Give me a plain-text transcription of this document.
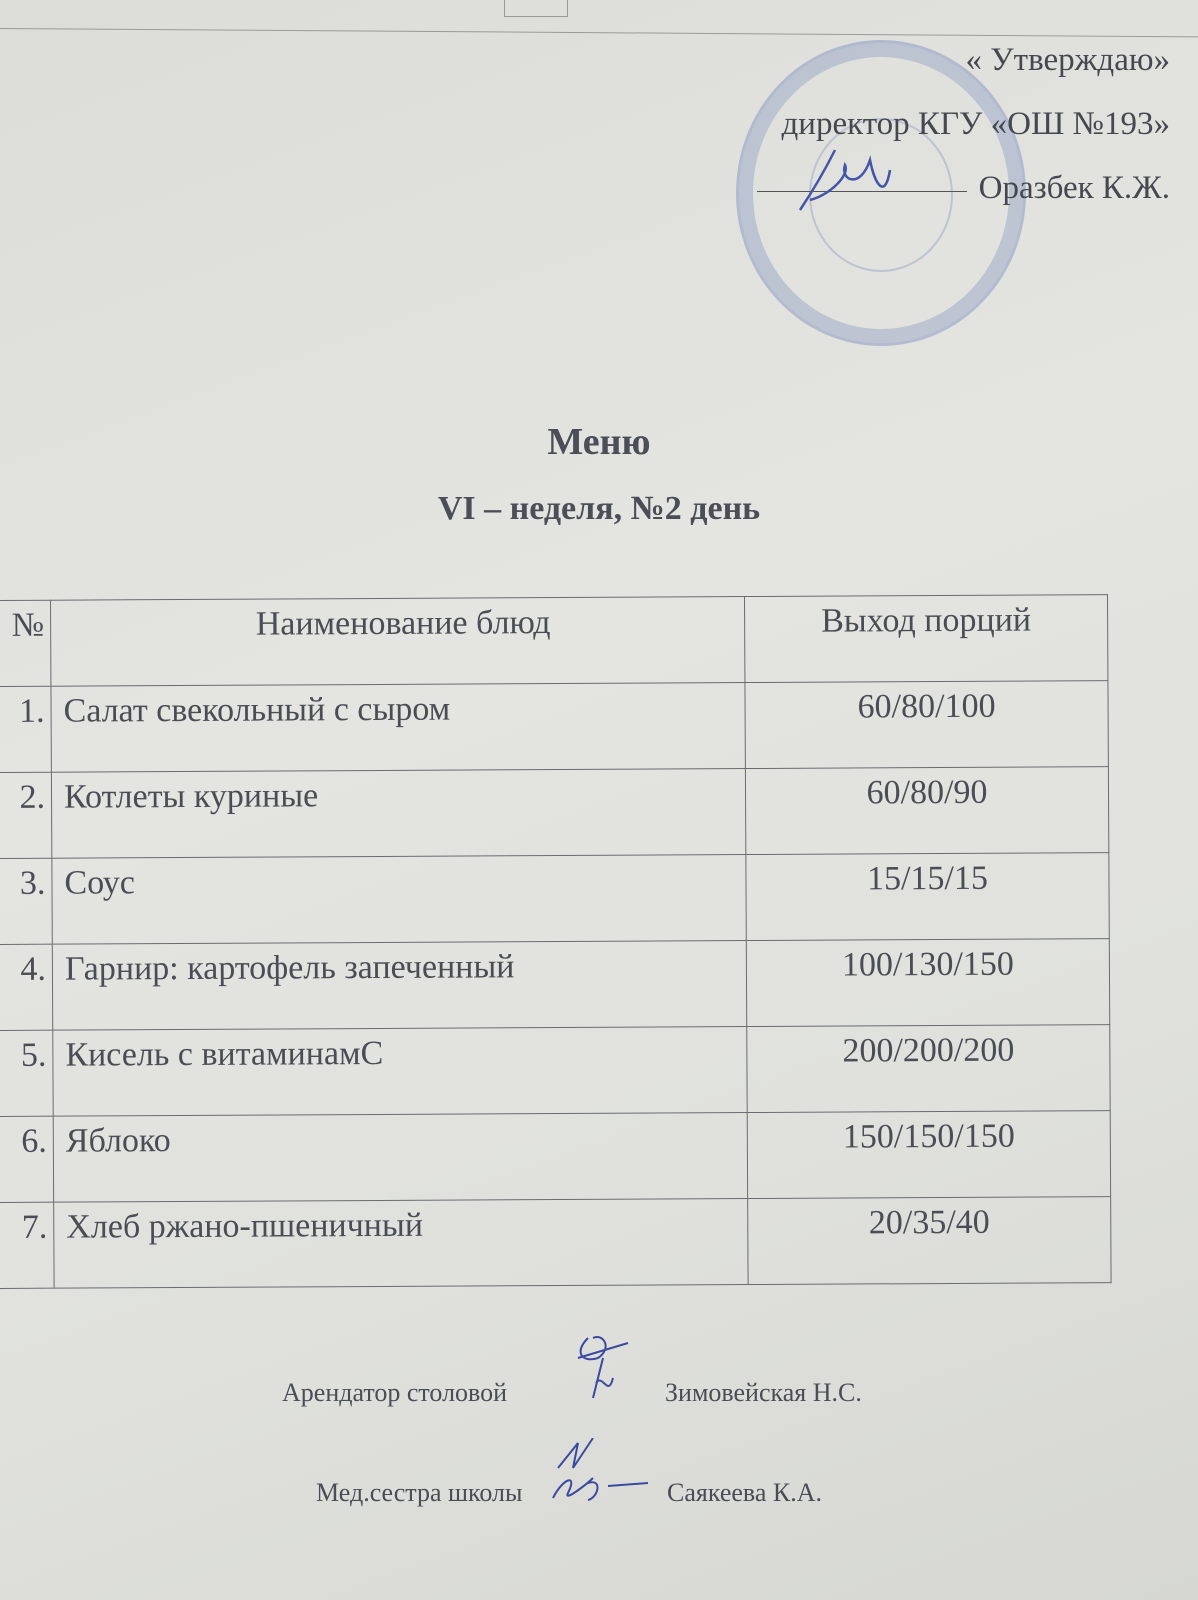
« Утверждаю»
директор КГУ «ОШ №193»
Оразбек К.Ж.
Меню
VI – неделя, №2 день
№	Наименование блюд	Выход порций
1.	Салат свекольный с сыром	60/80/100
2.	Котлеты куриные	60/80/90
3.	Соус	15/15/15
4.	Гарнир: картофель запеченный	100/130/150
5.	Кисель с витаминамС	200/200/200
6.	Яблоко	150/150/150
7.	Хлеб ржано-пшеничный	20/35/40
Арендатор столовой	Зимовейская Н.С.
Мед.сестра школы	Саякеева К.А.
